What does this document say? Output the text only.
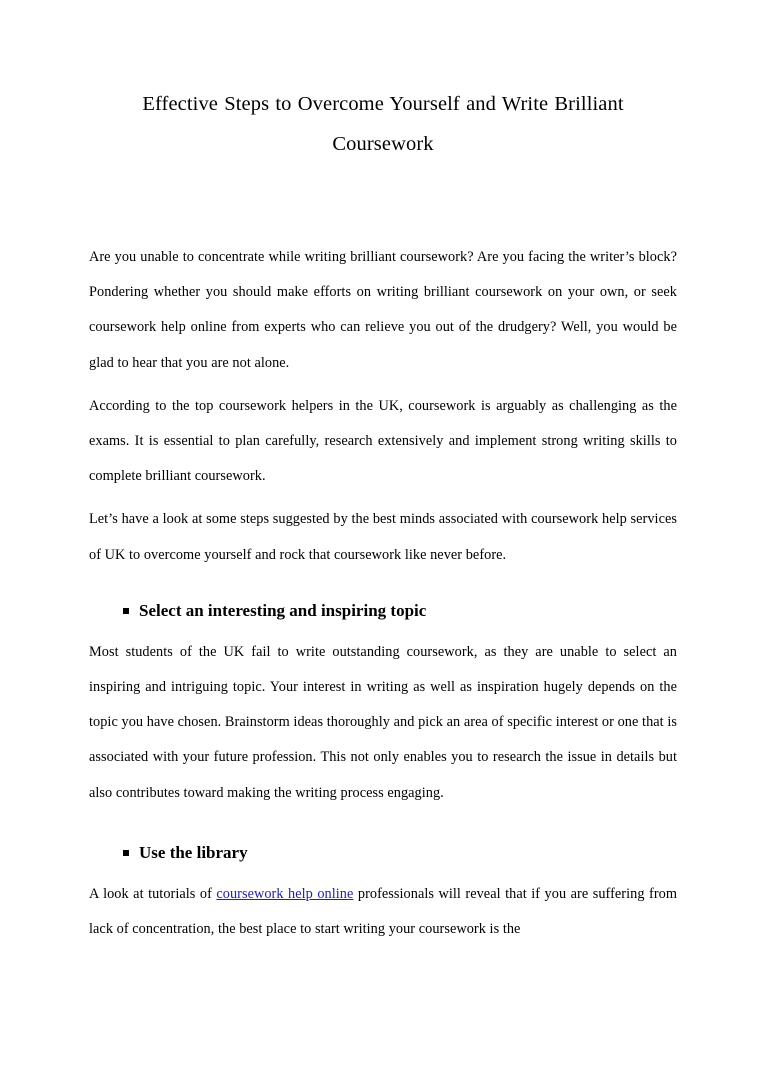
Effective Steps to Overcome Yourself and Write Brilliant
Coursework

Are you unable to concentrate while writing brilliant coursework? Are you facing the writer’s block? Pondering whether you should make efforts on writing brilliant coursework on your own, or seek coursework help online from experts who can relieve you out of the drudgery? Well, you would be glad to hear that you are not alone.

According to the top coursework helpers in the UK, coursework is arguably as challenging as the exams. It is essential to plan carefully, research extensively and implement strong writing skills to complete brilliant coursework.

Let’s have a look at some steps suggested by the best minds associated with coursework help services of UK to overcome yourself and rock that coursework like never before.

Select an interesting and inspiring topic

Most students of the UK fail to write outstanding coursework, as they are unable to select an inspiring and intriguing topic. Your interest in writing as well as inspiration hugely depends on the topic you have chosen. Brainstorm ideas thoroughly and pick an area of specific interest or one that is associated with your future profession. This not only enables you to research the issue in details but also contributes toward making the writing process engaging.

Use the library

A look at tutorials of coursework help online professionals will reveal that if you are suffering from lack of concentration, the best place to start writing your coursework is the
